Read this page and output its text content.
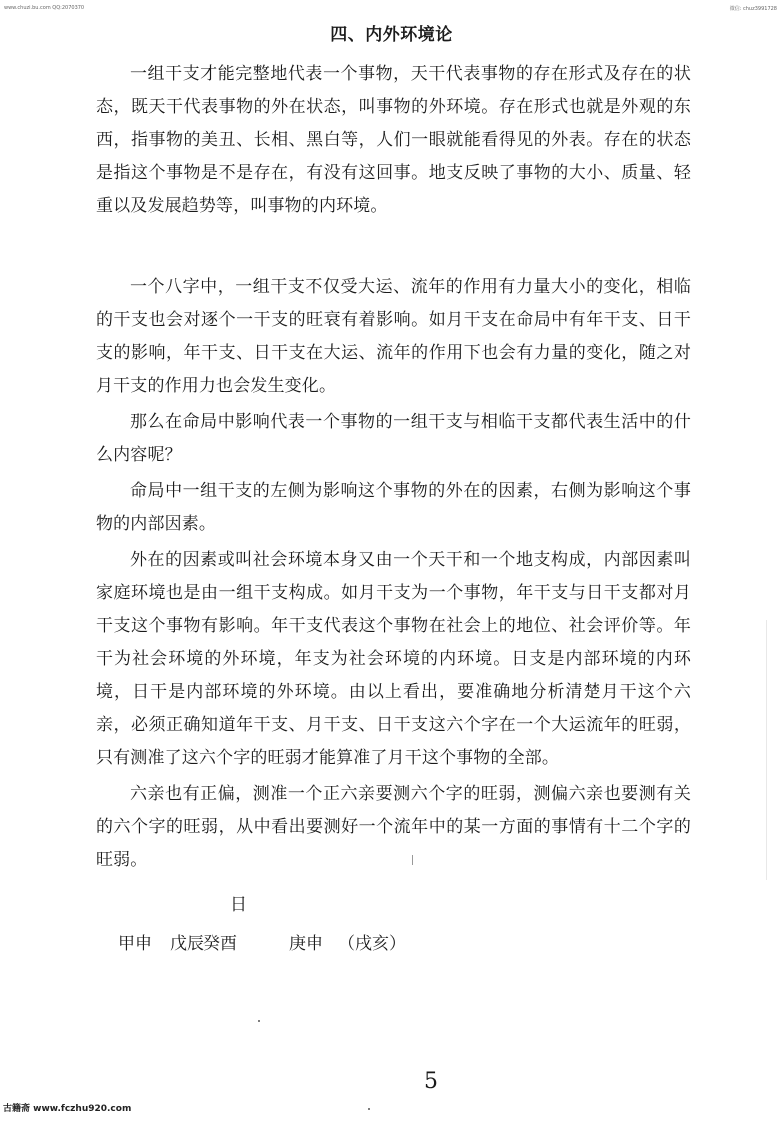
www.chuzi.bu.com QQ:2070370	微信: chuz3991728
四、内外环境论

一组干支才能完整地代表一个事物，天干代表事物的存在形式及存在的状态，既天干代表事物的外在状态，叫事物的外环境。存在形式也就是外观的东西，指事物的美丑、长相、黑白等，人们一眼就能看得见的外表。存在的状态是指这个事物是不是存在，有没有这回事。地支反映了事物的大小、质量、轻重以及发展趋势等，叫事物的内环境。

一个八字中，一组干支不仅受大运、流年的作用有力量大小的变化，相临的干支也会对逐个一干支的旺衰有着影响。如月干支在命局中有年干支、日干支的影响，年干支、日干支在大运、流年的作用下也会有力量的变化，随之对月干支的作用力也会发生变化。

那么在命局中影响代表一个事物的一组干支与相临干支都代表生活中的什么内容呢？

命局中一组干支的左侧为影响这个事物的外在的因素，右侧为影响这个事物的内部因素。

外在的因素或叫社会环境本身又由一个天干和一个地支构成，内部因素叫家庭环境也是由一组干支构成。如月干支为一个事物，年干支与日干支都对月干支这个事物有影响。年干支代表这个事物在社会上的地位、社会评价等。年干为社会环境的外环境，年支为社会环境的内环境。日支是内部环境的内环境，日干是内部环境的外环境。由以上看出，要准确地分析清楚月干这个六亲，必须正确知道年干支、月干支、日干支这六个字在一个大运流年的旺弱，只有测准了这六个字的旺弱才能算准了月干这个事物的全部。

六亲也有正偏，测准一个正六亲要测六个字的旺弱，测偏六亲也要测有关的六个字的旺弱，从中看出要测好一个流年中的某一方面的事情有十二个字的旺弱。

日
甲申 戊辰 癸酉	庚申 （戌亥）
5
古籍斋 www.fczhu920.com
